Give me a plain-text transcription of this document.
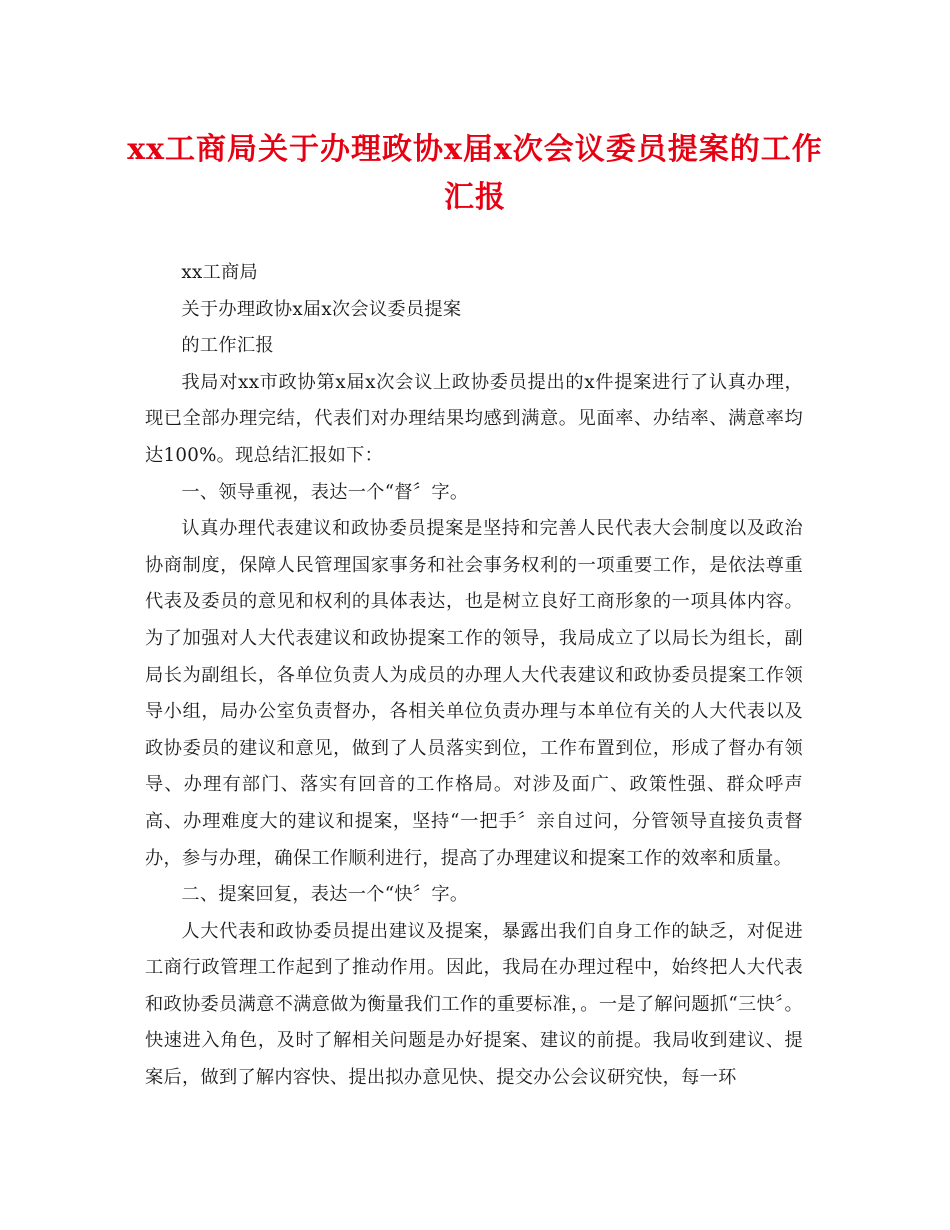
xx工商局关于办理政协x届x次会议委员提案的工作
汇报

xx工商局

关于办理政协x届x次会议委员提案

的工作汇报

我局对xx市政协第x届x次会议上政协委员提出的x件提案进行了认真办理，现已全部办理完结，代表们对办理结果均感到满意。见面率、办结率、满意率均达100%。现总结汇报如下：

一、领导重视，表达一个“督〞字。

认真办理代表建议和政协委员提案是坚持和完善人民代表大会制度以及政治协商制度，保障人民管理国家事务和社会事务权利的一项重要工作，是依法尊重代表及委员的意见和权利的具体表达，也是树立良好工商形象的一项具体内容。为了加强对人大代表建议和政协提案工作的领导，我局成立了以局长为组长，副局长为副组长，各单位负责人为成员的办理人大代表建议和政协委员提案工作领导小组，局办公室负责督办，各相关单位负责办理与本单位有关的人大代表以及政协委员的建议和意见，做到了人员落实到位，工作布置到位，形成了督办有领导、办理有部门、落实有回音的工作格局。对涉及面广、政策性强、群众呼声高、办理难度大的建议和提案，坚持“一把手〞亲自过问，分管领导直接负责督办，参与办理，确保工作顺利进行，提高了办理建议和提案工作的效率和质量。

二、提案回复，表达一个“快〞字。

人大代表和政协委员提出建议及提案，暴露出我们自身工作的缺乏，对促进工商行政管理工作起到了推动作用。因此，我局在办理过程中，始终把人大代表和政协委员满意不满意做为衡量我们工作的重要标准，。一是了解问题抓“三快〞。快速进入角色，及时了解相关问题是办好提案、建议的前提。我局收到建议、提案后，做到了解内容快、提出拟办意见快、提交办公会议研究快，每一环
